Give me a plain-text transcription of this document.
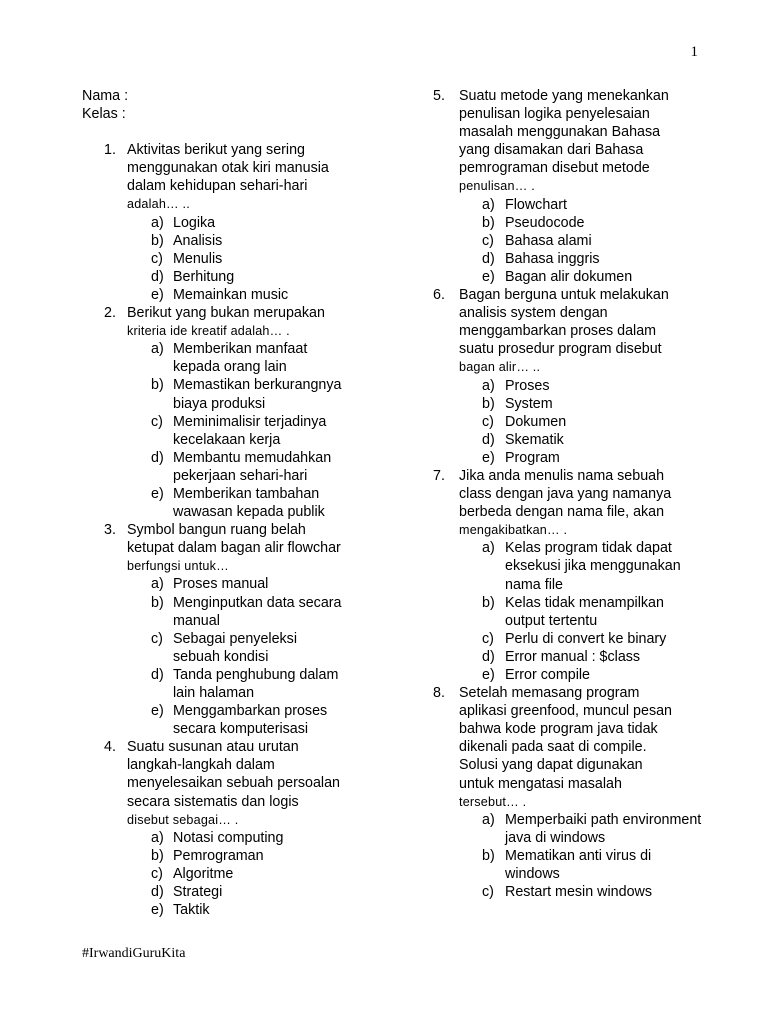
1
Nama :
Kelas :
1. Aktivitas berikut yang sering
menggunakan otak kiri manusia
dalam kehidupan sehari-hari
adalah… ..
a) Logika
b) Analisis
c) Menulis
d) Berhitung
e) Memainkan music
2. Berikut yang bukan merupakan
kriteria ide kreatif adalah… .
a) Memberikan manfaat kepada orang lain
b) Memastikan berkurangnya biaya produksi
c) Meminimalisir terjadinya kecelakaan kerja
d) Membantu memudahkan pekerjaan sehari-hari
e) Memberikan tambahan wawasan kepada publik
3. Symbol bangun ruang belah
ketupat dalam bagan alir flowchar
berfungsi untuk…
a) Proses manual
b) Menginputkan data secara manual
c) Sebagai penyeleksi sebuah kondisi
d) Tanda penghubung dalam lain halaman
e) Menggambarkan proses secara komputerisasi
4. Suatu susunan atau urutan
langkah-langkah dalam
menyelesaikan sebuah persoalan
secara sistematis dan logis
disebut sebagai… .
a) Notasi computing
b) Pemrograman
c) Algoritme
d) Strategi
e) Taktik
5. Suatu metode yang menekankan
penulisan logika penyelesaian
masalah menggunakan Bahasa
yang disamakan dari Bahasa
pemrograman disebut metode
penulisan… .
a) Flowchart
b) Pseudocode
c) Bahasa alami
d) Bahasa inggris
e) Bagan alir dokumen
6. Bagan berguna untuk melakukan
analisis system dengan
menggambarkan proses dalam
suatu prosedur program disebut
bagan alir… ..
a) Proses
b) System
c) Dokumen
d) Skematik
e) Program
7. Jika anda menulis nama sebuah
class dengan java yang namanya
berbeda dengan nama file, akan
mengakibatkan… .
a) Kelas program tidak dapat eksekusi jika menggunakan nama file
b) Kelas tidak menampilkan output tertentu
c) Perlu di convert ke binary
d) Error manual : $class
e) Error compile
8. Setelah memasang program
aplikasi greenfood, muncul pesan
bahwa kode program java tidak
dikenali pada saat di compile.
Solusi yang dapat digunakan
untuk mengatasi masalah
tersebut… .
a) Memperbaiki path environment java di windows
b) Mematikan anti virus di windows
c) Restart mesin windows
#IrwandiGuruKita
